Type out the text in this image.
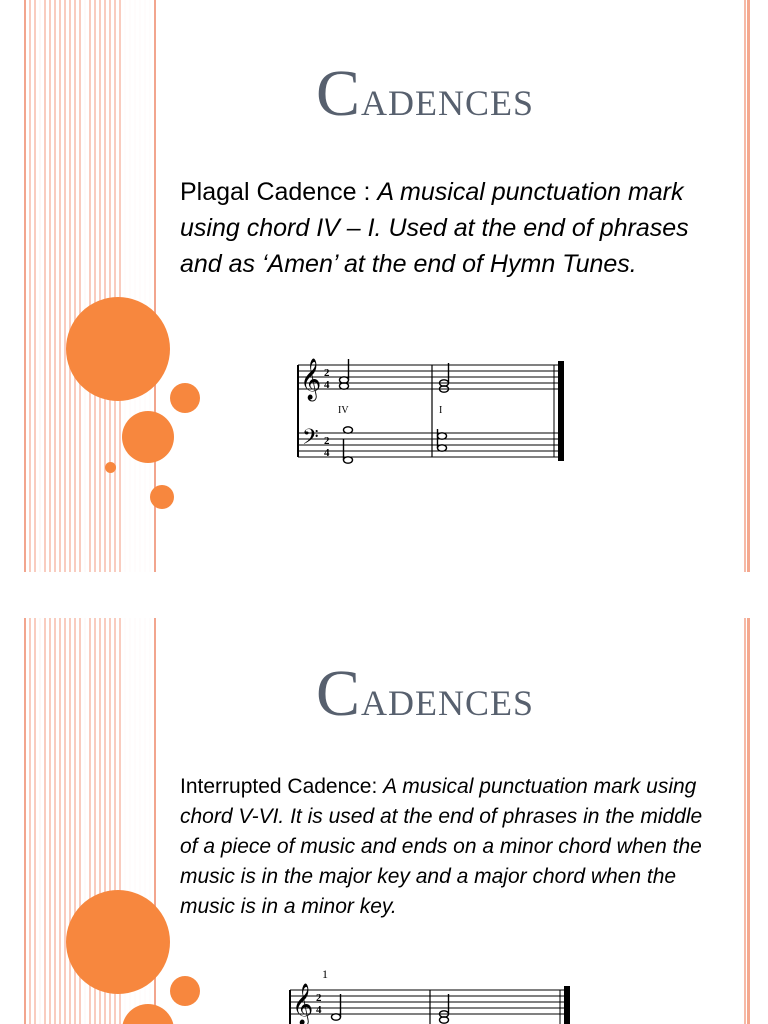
Cadences

Plagal Cadence : A musical punctuation mark using chord IV – I. Used at the end of phrases and as ‘Amen’ at the end of Hymn Tunes.

𝄞
𝄢
2
4
2
4
IV	I
Cadences

Interrupted Cadence: A musical punctuation mark using chord V-VI. It is used at the end of phrases in the middle of a piece of music and ends on a minor chord when the music is in the major key and a major chord when the music is in a minor key.

1
𝄞 2
4
